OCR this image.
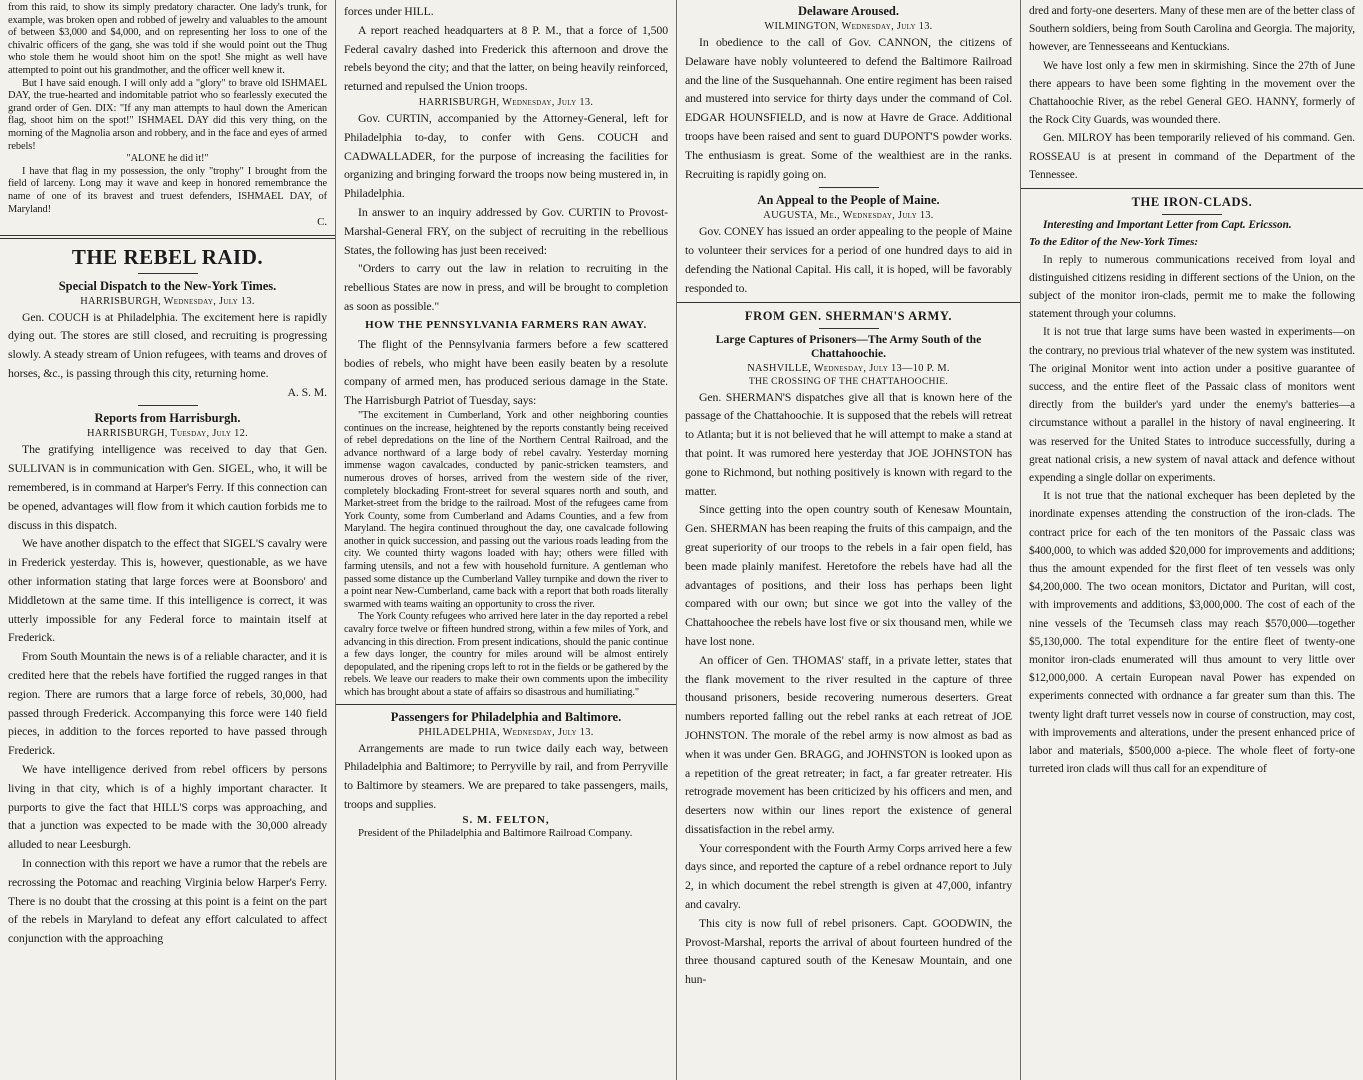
from this raid, to show its simply predatory character. One lady's trunk, for example, was broken open and robbed of jewelry and valuables to the amount of between $3,000 and $4,000, and on representing her loss to one of the chivalric officers of the gang, she was told if she would point out the Thug who stole them he would shoot him on the spot! She might as well have attempted to point out his grandmother, and the officer well knew it.

But I have said enough. I will only add a "glory" to brave old ISHMAEL DAY, the true-hearted and indomitable patriot who so fearlessly executed the grand order of Gen. DIX: "If any man attempts to haul down the American flag, shoot him on the spot!" ISHMAEL DAY did this very thing, on the morning of the Magnolia arson and robbery, and in the face and eyes of armed rebels!

"ALONE he did it!"

I have that flag in my possession, the only "trophy" I brought from the field of larceny. Long may it wave and keep in honored remembrance the name of one of its bravest and truest defenders, ISHMAEL DAY, of Maryland!

C.

THE REBEL RAID.
Special Dispatch to the New-York Times.
HARRISBURGH, Wednesday, July 13.

Gen. COUCH is at Philadelphia. The excitement here is rapidly dying out. The stores are still closed, and recruiting is progressing slowly. A steady stream of Union refugees, with teams and droves of horses, &c., is passing through this city, returning home.

A. S. M.

Reports from Harrisburgh.
HARRISBURGH, Tuesday, July 12.

The gratifying intelligence was received to day that Gen. SULLIVAN is in communication with Gen. SIGEL, who, it will be remembered, is in command at Harper's Ferry. If this connection can be opened, advantages will flow from it which caution forbids me to discuss in this dispatch.

We have another dispatch to the effect that SIGEL'S cavalry were in Frederick yesterday. This is, however, questionable, as we have other information stating that large forces were at Boonsboro' and Middletown at the same time. If this intelligence is correct, it was utterly impossible for any Federal force to maintain itself at Frederick.

From South Mountain the news is of a reliable character, and it is credited here that the rebels have fortified the rugged ranges in that region. There are rumors that a large force of rebels, 30,000, had passed through Frederick. Accompanying this force were 140 field pieces, in addition to the forces reported to have passed through Frederick.

We have intelligence derived from rebel officers by persons living in that city, which is of a highly important character. It purports to give the fact that HILL'S corps was approaching, and that a junction was expected to be made with the 30,000 already alluded to near Leesburgh.

In connection with this report we have a rumor that the rebels are recrossing the Potomac and reaching Virginia below Harper's Ferry. There is no doubt that the crossing at this point is a feint on the part of the rebels in Maryland to defeat any effort calculated to affect conjunction with the approaching

forces under HILL.

A report reached headquarters at 8 P. M., that a force of 1,500 Federal cavalry dashed into Frederick this afternoon and drove the rebels beyond the city; and that the latter, on being heavily reinforced, returned and repulsed the Union troops.

HARRISBURGH, Wednesday, July 13.

Gov. CURTIN, accompanied by the Attorney-General, left for Philadelphia to-day, to confer with Gens. COUCH and CADWALLADER, for the purpose of increasing the facilities for organizing and bringing forward the troops now being mustered in, in Philadelphia.

In answer to an inquiry addressed by Gov. CURTIN to Provost-Marshal-General FRY, on the subject of recruiting in the rebellious States, the following has just been received:

"Orders to carry out the law in relation to recruiting in the rebellious States are now in press, and will be brought to completion as soon as possible."

HOW THE PENNSYLVANIA FARMERS RAN AWAY.

The flight of the Pennsylvania farmers before a few scattered bodies of rebels, who might have been easily beaten by a resolute company of armed men, has produced serious damage in the State. The Harrisburgh Patriot of Tuesday, says:

"The excitement in Cumberland, York and other neighboring counties continues on the increase, heightened by the reports constantly being received of rebel depredations on the line of the Northern Central Railroad, and the advance northward of a large body of rebel cavalry. Yesterday morning immense wagon cavalcades, conducted by panic-stricken teamsters, and numerous droves of horses, arrived from the western side of the river, completely blockading Front-street for several squares north and south, and Market-street from the bridge to the railroad. Most of the refugees came from York County, some from Cumberland and Adams Counties, and a few from Maryland. The hegira continued throughout the day, one cavalcade following another in quick succession, and passing out the various roads leading from the city. We counted thirty wagons loaded with hay; others were filled with farming utensils, and not a few with household furniture. A gentleman who passed some distance up the Cumberland Valley turnpike and down the river to a point near New-Cumberland, came back with a report that both roads literally swarmed with teams waiting an opportunity to cross the river.

The York County refugees who arrived here later in the day reported a rebel cavalry force twelve or fifteen hundred strong, within a few miles of York, and advancing in this direction. From present indications, should the panic continue a few days longer, the country for miles around will be almost entirely depopulated, and the ripening crops left to rot in the fields or be gathered by the rebels. We leave our readers to make their own comments upon the imbecility which has brought about a state of affairs so disastrous and humiliating."

Passengers for Philadelphia and Baltimore.
PHILADELPHIA, Wednesday, July 13.

Arrangements are made to run twice daily each way, between Philadelphia and Baltimore; to Perryville by rail, and from Perryville to Baltimore by steamers. We are prepared to take passengers, mails, troops and supplies.

S. M. FELTON,

President of the Philadelphia and Baltimore Railroad Company.

Delaware Aroused.
WILMINGTON, Wednesday, July 13.

In obedience to the call of Gov. CANNON, the citizens of Delaware have nobly volunteered to defend the Baltimore Railroad and the line of the Susquehannah. One entire regiment has been raised and mustered into service for thirty days under the command of Col. EDGAR HOUNSFIELD, and is now at Havre de Grace. Additional troops have been raised and sent to guard DUPONT'S powder works. The enthusiasm is great. Some of the wealthiest are in the ranks. Recruiting is rapidly going on.

An Appeal to the People of Maine.
AUGUSTA, Me., Wednesday, July 13.

Gov. CONEY has issued an order appealing to the people of Maine to volunteer their services for a period of one hundred days to aid in defending the National Capital. His call, it is hoped, will be favorably responded to.

FROM GEN. SHERMAN'S ARMY.
Large Captures of Prisoners—The Army South of the Chattahoochie.
NASHVILLE, Wednesday, July 13—10 P. M.
THE CROSSING OF THE CHATTAHOOCHIE.

Gen. SHERMAN'S dispatches give all that is known here of the passage of the Chattahoochie. It is supposed that the rebels will retreat to Atlanta; but it is not believed that he will attempt to make a stand at that point. It was rumored here yesterday that JOE JOHNSTON has gone to Richmond, but nothing positively is known with regard to the matter.

Since getting into the open country south of Kenesaw Mountain, Gen. SHERMAN has been reaping the fruits of this campaign, and the great superiority of our troops to the rebels in a fair open field, has been made plainly manifest. Heretofore the rebels have had all the advantages of positions, and their loss has perhaps been light compared with our own; but since we got into the valley of the Chattahoochee the rebels have lost five or six thousand men, while we have lost none.

An officer of Gen. THOMAS' staff, in a private letter, states that the flank movement to the river resulted in the capture of three thousand prisoners, beside recovering numerous deserters. Great numbers reported falling out the rebel ranks at each retreat of JOE JOHNSTON. The morale of the rebel army is now almost as bad as when it was under Gen. BRAGG, and JOHNSTON is looked upon as a repetition of the great retreater; in fact, a far greater retreater. His retrograde movement has been criticized by his officers and men, and deserters now within our lines report the existence of general dissatisfaction in the rebel army.

Your correspondent with the Fourth Army Corps arrived here a few days since, and reported the capture of a rebel ordnance report to July 2, in which document the rebel strength is given at 47,000, infantry and cavalry.

This city is now full of rebel prisoners. Capt. GOODWIN, the Provost-Marshal, reports the arrival of about fourteen hundred of the three thousand captured south of the Kenesaw Mountain, and one hun-

dred and forty-one deserters. Many of these men are of the better class of Southern soldiers, being from South Carolina and Georgia. The majority, however, are Tennesseeans and Kentuckians.

We have lost only a few men in skirmishing. Since the 27th of June there appears to have been some fighting in the movement over the Chattahoochie River, as the rebel General GEO. HANNY, formerly of the Rock City Guards, was wounded there.

Gen. MILROY has been temporarily relieved of his command. Gen. ROSSEAU is at present in command of the Department of the Tennessee.

THE IRON-CLADS.
Interesting and Important Letter from Capt. Ericsson.
To the Editor of the New-York Times:

In reply to numerous communications received from loyal and distinguished citizens residing in different sections of the Union, on the subject of the monitor iron-clads, permit me to make the following statement through your columns.

It is not true that large sums have been wasted in experiments—on the contrary, no previous trial whatever of the new system was instituted. The original Monitor went into action under a positive guarantee of success, and the entire fleet of the Passaic class of monitors went directly from the builder's yard under the enemy's batteries—a circumstance without a parallel in the history of naval engineering. It was reserved for the United States to introduce successfully, during a great national crisis, a new system of naval attack and defence without expending a single dollar on experiments.

It is not true that the national exchequer has been depleted by the inordinate expenses attending the construction of the iron-clads. The contract price for each of the ten monitors of the Passaic class was $400,000, to which was added $20,000 for improvements and additions; thus the amount expended for the first fleet of ten vessels was only $4,200,000. The two ocean monitors, Dictator and Puritan, will cost, with improvements and additions, $3,000,000. The cost of each of the nine vessels of the Tecumseh class may reach $570,000—together $5,130,000. The total expenditure for the entire fleet of twenty-one monitor iron-clads enumerated will thus amount to very little over $12,000,000. A certain European naval Power has expended on experiments connected with ordnance a far greater sum than this. The twenty light draft turret vessels now in course of construction, may cost, with improvements and alterations, under the present enhanced price of labor and materials, $500,000 a-piece. The whole fleet of forty-one turreted iron clads will thus call for an expenditure of
